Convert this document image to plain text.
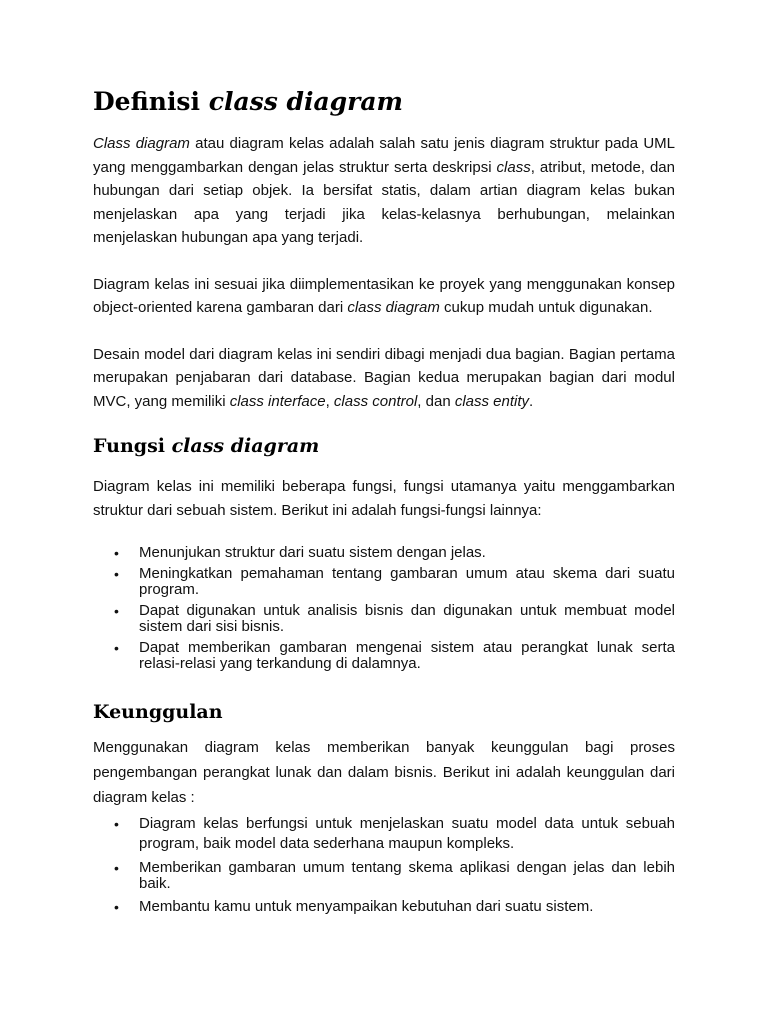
Definisi class diagram

Class diagram atau diagram kelas adalah salah satu jenis diagram struktur pada UML yang menggambarkan dengan jelas struktur serta deskripsi class, atribut, metode, dan hubungan dari setiap objek. Ia bersifat statis, dalam artian diagram kelas bukan menjelaskan apa yang terjadi jika kelas-kelasnya berhubungan, melainkan menjelaskan hubungan apa yang terjadi.

Diagram kelas ini sesuai jika diimplementasikan ke proyek yang menggunakan konsep object-oriented karena gambaran dari class diagram cukup mudah untuk digunakan.

Desain model dari diagram kelas ini sendiri dibagi menjadi dua bagian. Bagian pertama merupakan penjabaran dari database. Bagian kedua merupakan bagian dari modul MVC, yang memiliki class interface, class control, dan class entity.

Fungsi class diagram

Diagram kelas ini memiliki beberapa fungsi, fungsi utamanya yaitu menggambarkan struktur dari sebuah sistem. Berikut ini adalah fungsi-fungsi lainnya:

• Menunjukan struktur dari suatu sistem dengan jelas.
• Meningkatkan pemahaman tentang gambaran umum atau skema dari suatu program.
• Dapat digunakan untuk analisis bisnis dan digunakan untuk membuat model sistem dari sisi bisnis.
• Dapat memberikan gambaran mengenai sistem atau perangkat lunak serta relasi-relasi yang terkandung di dalamnya.
Keunggulan

Menggunakan diagram kelas memberikan banyak keunggulan bagi proses pengembangan perangkat lunak dan dalam bisnis. Berikut ini adalah keunggulan dari diagram kelas :

• Diagram kelas berfungsi untuk menjelaskan suatu model data untuk sebuah program, baik model data sederhana maupun kompleks.
• Memberikan gambaran umum tentang skema aplikasi dengan jelas dan lebih baik.
• Membantu kamu untuk menyampaikan kebutuhan dari suatu sistem.
